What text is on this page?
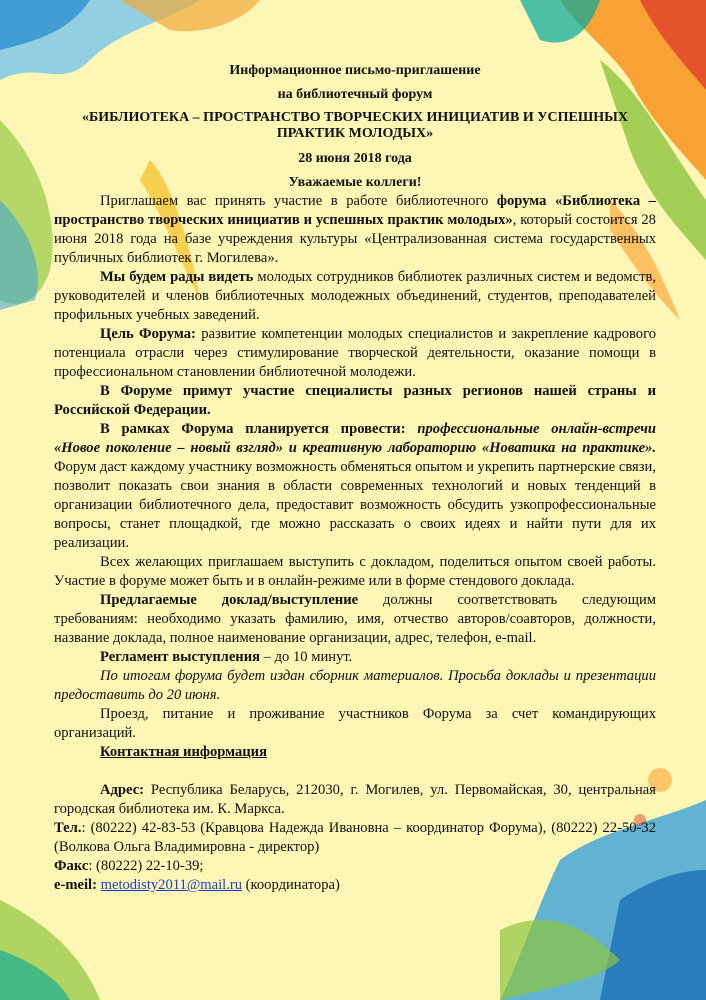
Информационное письмо-приглашение
на библиотечный форум
«БИБЛИОТЕКА – ПРОСТРАНСТВО ТВОРЧЕСКИХ ИНИЦИАТИВ И УСПЕШНЫХ ПРАКТИК МОЛОДЫХ»
28 июня 2018 года
Уважаемые коллеги!

Приглашаем вас принять участие в работе библиотечного форума «Библиотека – пространство творческих инициатив и успешных практик молодых», который состоится 28 июня 2018 года на базе учреждения культуры «Централизованная система государственных публичных библиотек г. Могилева».

Мы будем рады видеть молодых сотрудников библиотек различных систем и ведомств, руководителей и членов библиотечных молодежных объединений, студентов, преподавателей профильных учебных заведений.

Цель Форума: развитие компетенции молодых специалистов и закрепление кадрового потенциала отрасли через стимулирование творческой деятельности, оказание помощи в профессиональном становлении библиотечной молодежи.

В Форуме примут участие специалисты разных регионов нашей страны и Российской Федерации.

В рамках Форума планируется провести: профессиональные онлайн-встречи «Новое поколение – новый взгляд» и креативную лабораторию «Новатика на практике». Форум даст каждому участнику возможность обменяться опытом и укрепить партнерские связи, позволит показать свои знания в области современных технологий и новых тенденций в организации библиотечного дела, предоставит возможность обсудить узкопрофессиональные вопросы, станет площадкой, где можно рассказать о своих идеях и найти пути для их реализации.

Всех желающих приглашаем выступить с докладом, поделиться опытом своей работы. Участие в форуме может быть и в онлайн-режиме или в форме стендового доклада.

Предлагаемые доклад/выступление должны соответствовать следующим требованиям: необходимо указать фамилию, имя, отчество авторов/соавторов, должности, название доклада, полное наименование организации, адрес, телефон, e-mail.

Регламент выступления – до 10 минут.

По итогам форума будет издан сборник материалов. Просьба доклады и презентации предоставить до 20 июня.

Проезд, питание и проживание участников Форума за счет командирующих организаций.

Контактная информация

Адрес: Республика Беларусь, 212030, г. Могилев, ул. Первомайская, 30, центральная городская библиотека им. К. Маркса.

Тел.: (80222) 42-83-53 (Кравцова Надежда Ивановна – координатор Форума), (80222) 22-50-32 (Волкова Ольга Владимировна - директор)

Факс: (80222) 22-10-39;

e-meil: metodisty2011@mail.ru (координатора)
